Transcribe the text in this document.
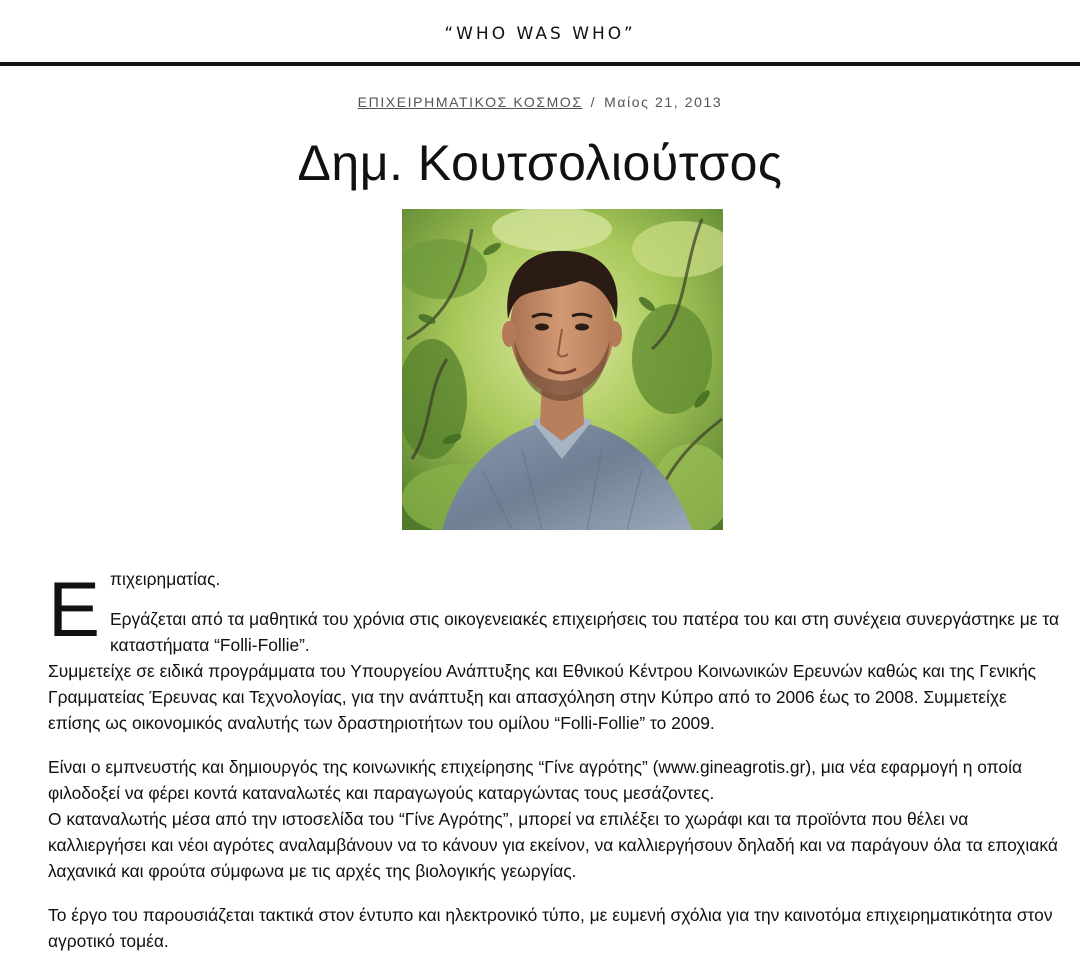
“WHO WAS WHO”
ΕΠΙΧΕΙΡΗΜΑΤΙΚΟΣ ΚΟΣΜΟΣ / Μαίος 21, 2013
Δημ. Κουτσολιούτσος
Ε πιχειρηματίας.

Εργάζεται από τα μαθητικά του χρόνια στις οικογενειακές επιχειρήσεις του πατέρα του και στη συνέχεια συνεργάστηκε με τα καταστήματα “Folli-Follie”.

Συμμετείχε σε ειδικά προγράμματα του Υπουργείου Ανάπτυξης και Εθνικού Κέντρου Κοινωνικών Ερευνών καθώς και της Γενικής Γραμματείας Έρευνας και Τεχνολογίας, για την ανάπτυξη και απασχόληση στην Κύπρο από το 2006 έως το 2008. Συμμετείχε επίσης ως οικονομικός αναλυτής των δραστηριοτήτων του ομίλου “Folli-Follie” το 2009.

Είναι ο εμπνευστής και δημιουργός της κοινωνικής επιχείρησης “Γίνε αγρότης” (www.gineagrotis.gr), μια νέα εφαρμογή η οποία φιλοδοξεί να φέρει κοντά καταναλωτές και παραγωγούς καταργώντας τους μεσάζοντες.

Ο καταναλωτής μέσα από την ιστοσελίδα του “Γίνε Αγρότης”, μπορεί να επιλέξει το χωράφι και τα προϊόντα που θέλει να καλλιεργήσει και νέοι αγρότες αναλαμβάνουν να το κάνουν για εκείνον, να καλλιεργήσουν δηλαδή και να παράγουν όλα τα εποχιακά λαχανικά και φρούτα σύμφωνα με τις αρχές της βιολογικής γεωργίας.

Το έργο του παρουσιάζεται τακτικά στον έντυπο και ηλεκτρονικό τύπο, με ευμενή σχόλια για την καινοτόμα επιχειρηματικότητα στον αγροτικό τομέα.
